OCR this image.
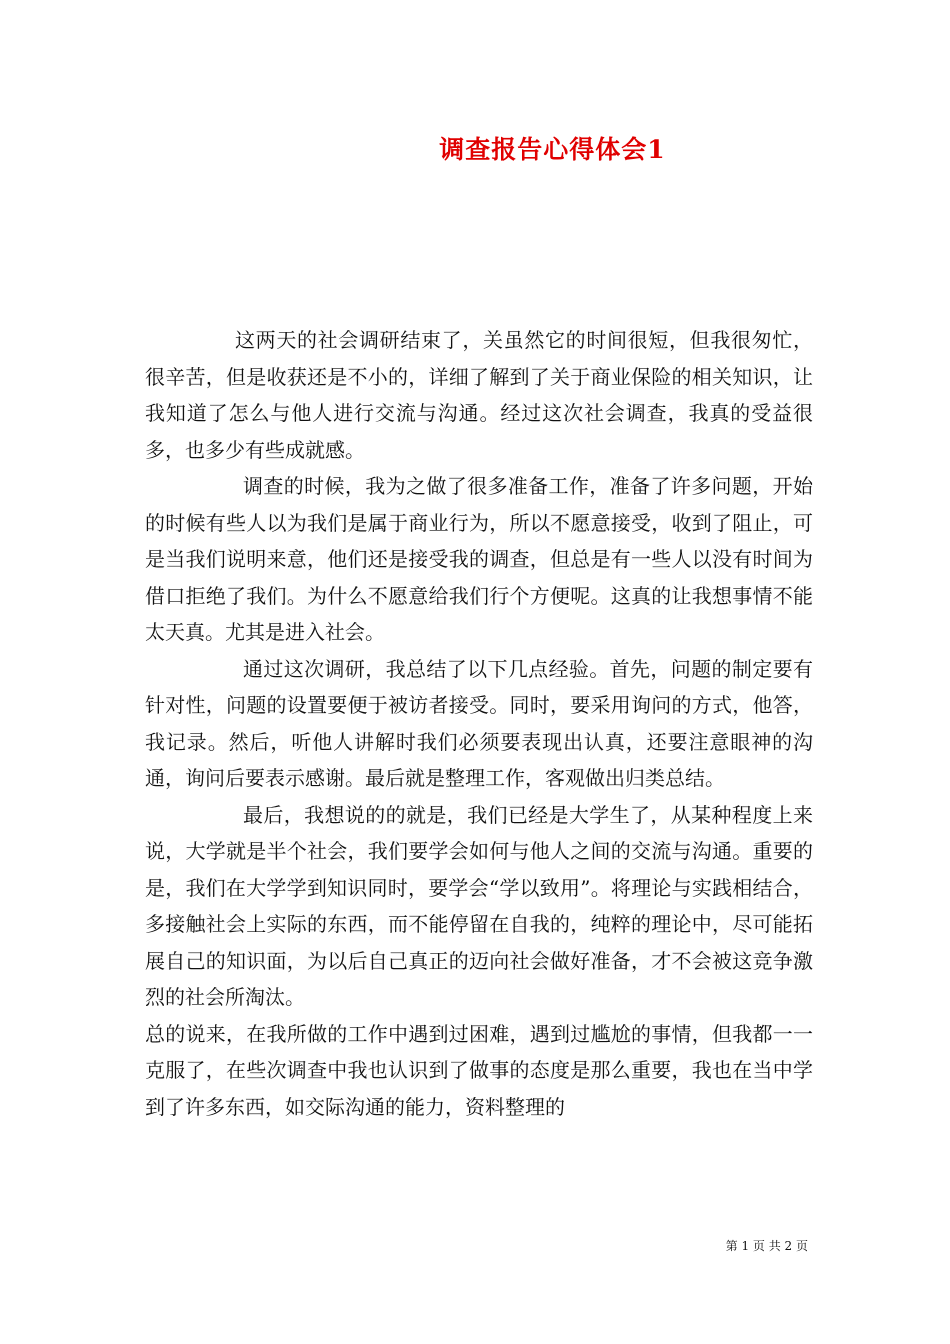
调查报告心得体会1

这两天的社会调研结束了，关虽然它的时间很短，但我很匆忙，很辛苦，但是收获还是不小的，详细了解到了关于商业保险的相关知识，让我知道了怎么与他人进行交流与沟通。经过这次社会调查，我真的受益很多，也多少有些成就感。

调查的时候，我为之做了很多准备工作，准备了许多问题，开始的时候有些人以为我们是属于商业行为，所以不愿意接受，收到了阻止，可是当我们说明来意，他们还是接受我的调查，但总是有一些人以没有时间为借口拒绝了我们。为什么不愿意给我们行个方便呢。这真的让我想事情不能太天真。尤其是进入社会。

通过这次调研，我总结了以下几点经验。首先，问题的制定要有针对性，问题的设置要便于被访者接受。同时，要采用询问的方式，他答，我记录。然后，听他人讲解时我们必须要表现出认真，还要注意眼神的沟通，询问后要表示感谢。最后就是整理工作，客观做出归类总结。

最后，我想说的的就是，我们已经是大学生了，从某种程度上来说，大学就是半个社会，我们要学会如何与他人之间的交流与沟通。重要的是，我们在大学学到知识同时，要学会“学以致用”。将理论与实践相结合，多接触社会上实际的东西，而不能停留在自我的，纯粹的理论中，尽可能拓展自己的知识面，为以后自己真正的迈向社会做好准备，才不会被这竞争激烈的社会所淘汰。

总的说来，在我所做的工作中遇到过困难，遇到过尴尬的事情，但我都一一克服了，在些次调查中我也认识到了做事的态度是那么重要，我也在当中学到了许多东西，如交际沟通的能力，资料整理的

第 1 页 共 2 页
